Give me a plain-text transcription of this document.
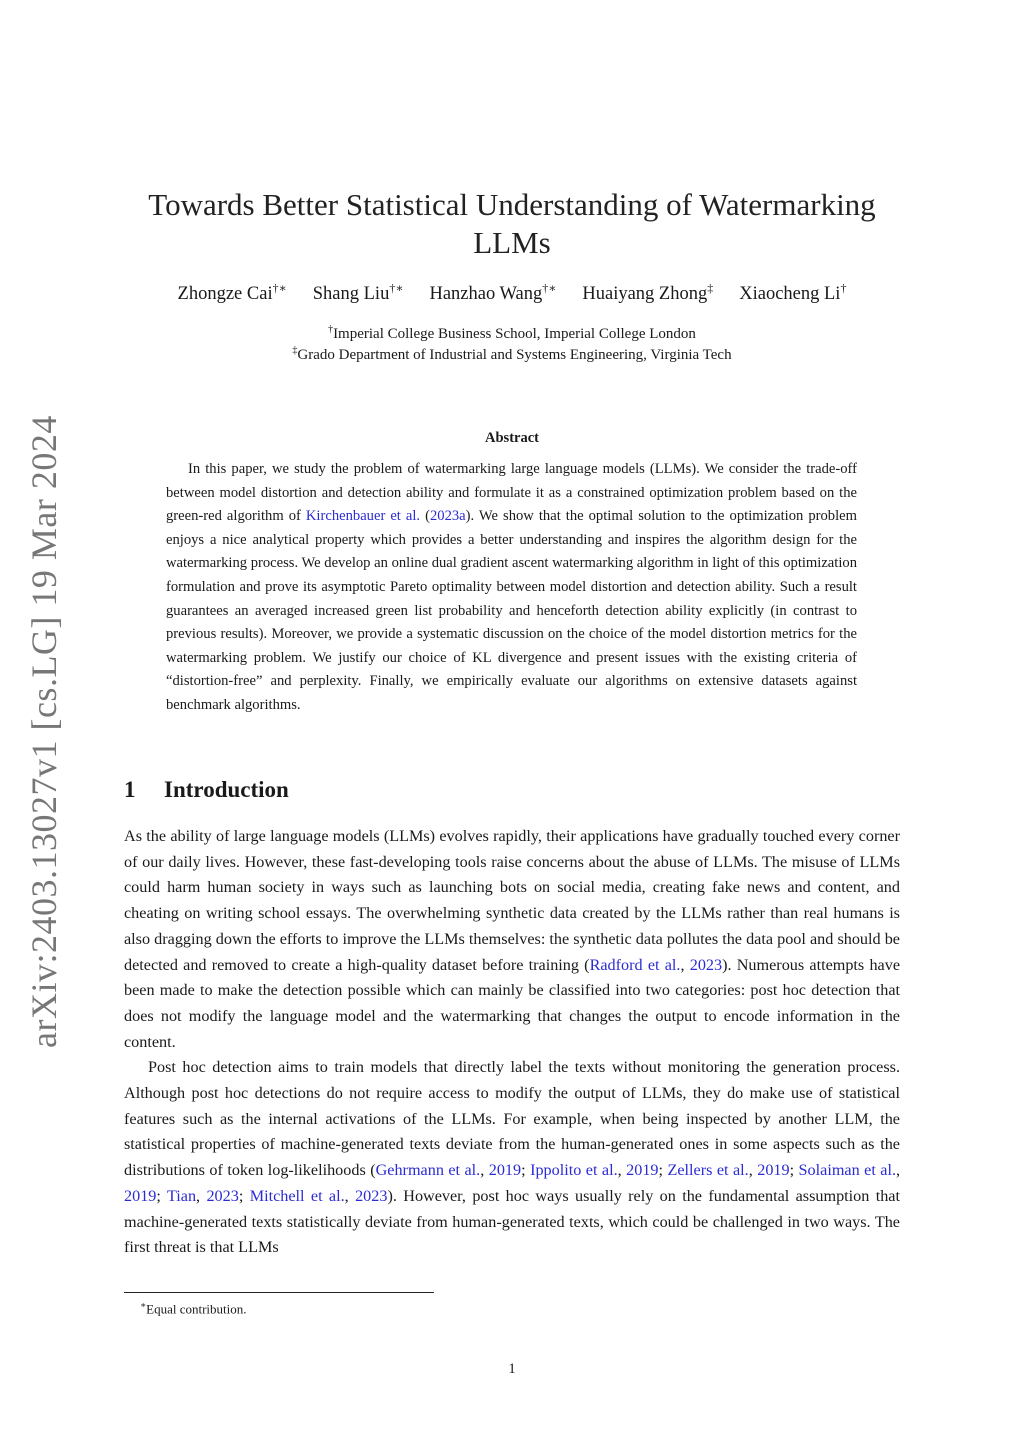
arXiv:2403.13027v1 [cs.LG] 19 Mar 2024
Towards Better Statistical Understanding of Watermarking
LLMs
Zhongze Cai†∗ Shang Liu†∗ Hanzhao Wang†∗ Huaiyang Zhong‡ Xiaocheng Li†
†Imperial College Business School, Imperial College London
‡Grado Department of Industrial and Systems Engineering, Virginia Tech
Abstract

In this paper, we study the problem of watermarking large language models (LLMs). We consider the trade-off between model distortion and detection ability and formulate it as a constrained optimization problem based on the green-red algorithm of Kirchenbauer et al. (2023a). We show that the optimal solution to the optimization problem enjoys a nice analytical property which provides a better understanding and inspires the algorithm design for the watermarking process. We develop an online dual gradient ascent watermarking algorithm in light of this optimization formulation and prove its asymptotic Pareto optimality between model distortion and detection ability. Such a result guarantees an averaged increased green list probability and henceforth detection ability explicitly (in contrast to previous results). Moreover, we provide a systematic discussion on the choice of the model distortion metrics for the watermarking problem. We justify our choice of KL divergence and present issues with the existing criteria of “distortion-free” and perplexity. Finally, we empirically evaluate our algorithms on extensive datasets against benchmark algorithms.

1 Introduction

As the ability of large language models (LLMs) evolves rapidly, their applications have gradually touched every corner of our daily lives. However, these fast-developing tools raise concerns about the abuse of LLMs. The misuse of LLMs could harm human society in ways such as launching bots on social media, creating fake news and content, and cheating on writing school essays. The overwhelming synthetic data created by the LLMs rather than real humans is also dragging down the efforts to improve the LLMs themselves: the synthetic data pollutes the data pool and should be detected and removed to create a high-quality dataset before training (Radford et al., 2023). Numerous attempts have been made to make the detection possible which can mainly be classified into two categories: post hoc detection that does not modify the language model and the watermarking that changes the output to encode information in the content.

Post hoc detection aims to train models that directly label the texts without monitoring the generation process. Although post hoc detections do not require access to modify the output of LLMs, they do make use of statistical features such as the internal activations of the LLMs. For example, when being inspected by another LLM, the statistical properties of machine-generated texts deviate from the human-generated ones in some aspects such as the distributions of token log-likelihoods (Gehrmann et al., 2019; Ippolito et al., 2019; Zellers et al., 2019; Solaiman et al., 2019; Tian, 2023; Mitchell et al., 2023). However, post hoc ways usually rely on the fundamental assumption that machine-generated texts statistically deviate from human-generated texts, which could be challenged in two ways. The first threat is that LLMs

∗Equal contribution.
1
